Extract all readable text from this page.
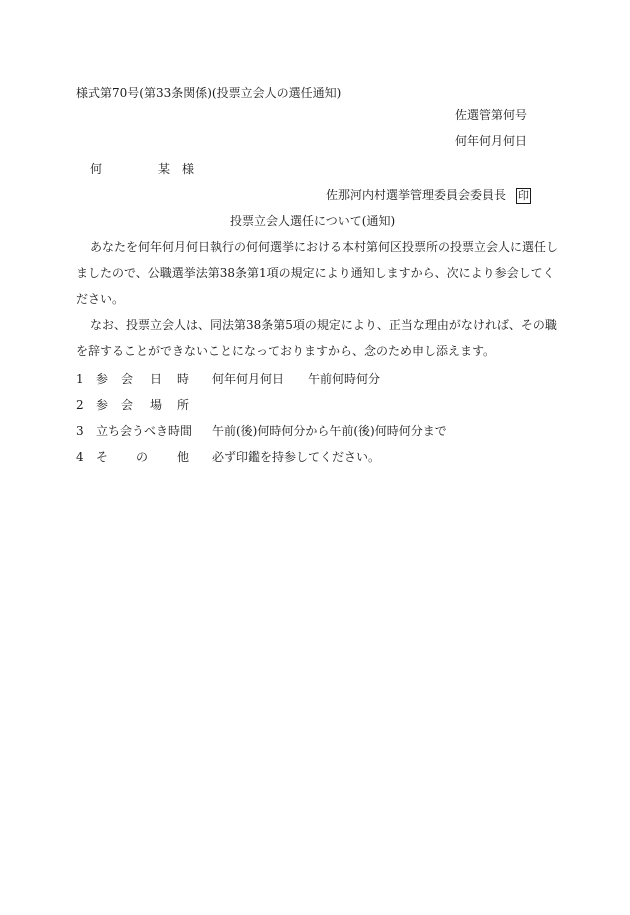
様式第70号(第33条関係)(投票立会人の選任通知)
佐選管第何号
何年何月何日
何	某 様
佐那河内村選挙管理委員会委員長 印
投票立会人選任について(通知)
あなたを何年何月何日執行の何何選挙における本村第何区投票所の投票立会人に選任し
ましたので、公職選挙法第38条第1項の規定により通知しますから、次により参会してく
ださい。
なお、投票立会人は、同法第38条第5項の規定により、正当な理由がなければ、その職
を辞することができないことになっておりますから、念のため申し添えます。
1 参 会 日 時 何年何月何日 午前何時何分
2 参 会 場 所
3 立ち会うべき時間 午前(後)何時何分から午前(後)何時何分まで
4 そ の 他 必ず印鑑を持参してください。
